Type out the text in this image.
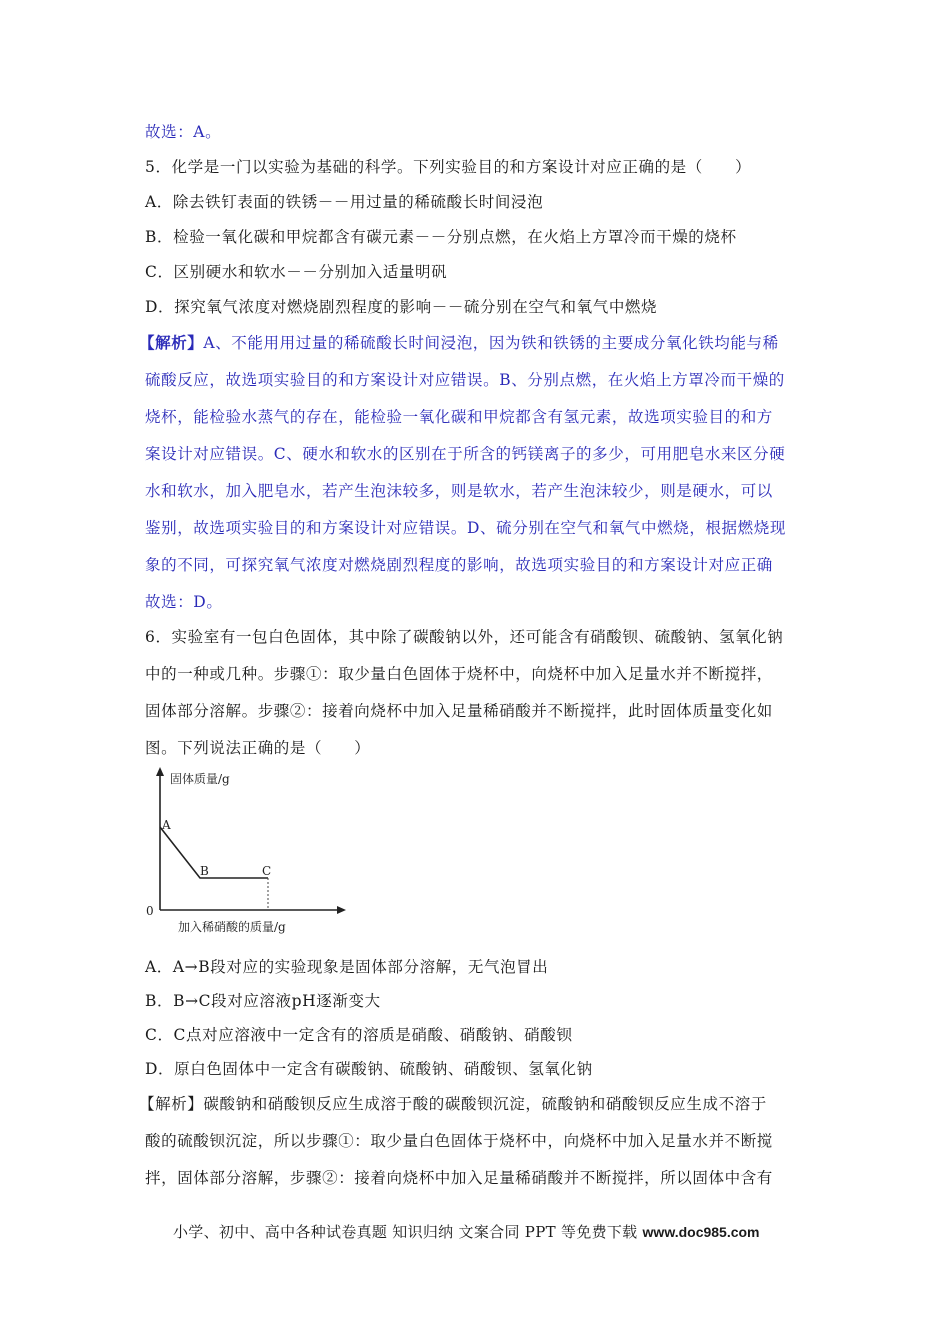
故选：A。
5．化学是一门以实验为基础的科学。下列实验目的和方案设计对应正确的是（　　）
A．除去铁钉表面的铁锈－－用过量的稀硫酸长时间浸泡
B．检验一氧化碳和甲烷都含有碳元素－－分别点燃，在火焰上方罩冷而干燥的烧杯
C．区别硬水和软水－－分别加入适量明矾
D．探究氧气浓度对燃烧剧烈程度的影响－－硫分别在空气和氧气中燃烧
【解析】A、不能用用过量的稀硫酸长时间浸泡，因为铁和铁锈的主要成分氧化铁均能与稀
硫酸反应，故选项实验目的和方案设计对应错误。B、分别点燃，在火焰上方罩冷而干燥的
烧杯，能检验水蒸气的存在，能检验一氧化碳和甲烷都含有氢元素，故选项实验目的和方
案设计对应错误。C、硬水和软水的区别在于所含的钙镁离子的多少，可用肥皂水来区分硬
水和软水，加入肥皂水，若产生泡沫较多，则是软水，若产生泡沫较少，则是硬水，可以
鉴别，故选项实验目的和方案设计对应错误。D、硫分别在空气和氧气中燃烧，根据燃烧现
象的不同，可探究氧气浓度对燃烧剧烈程度的影响，故选项实验目的和方案设计对应正确
故选：D。
6．实验室有一包白色固体，其中除了碳酸钠以外，还可能含有硝酸钡、硫酸钠、氢氧化钠
中的一种或几种。步骤①：取少量白色固体于烧杯中，向烧杯中加入足量水并不断搅拌，
固体部分溶解。步骤②：接着向烧杯中加入足量稀硝酸并不断搅拌，此时固体质量变化如
图。下列说法正确的是（　　）
固体质量/g
A
B	C
0
加入稀硝酸的质量/g
A．A→B段对应的实验现象是固体部分溶解，无气泡冒出
B．B→C段对应溶液pH逐渐变大
C．C点对应溶液中一定含有的溶质是硝酸、硝酸钠、硝酸钡
D．原白色固体中一定含有碳酸钠、硫酸钠、硝酸钡、氢氧化钠
【解析】碳酸钠和硝酸钡反应生成溶于酸的碳酸钡沉淀，硫酸钠和硝酸钡反应生成不溶于
酸的硫酸钡沉淀，所以步骤①：取少量白色固体于烧杯中，向烧杯中加入足量水并不断搅
拌，固体部分溶解，步骤②：接着向烧杯中加入足量稀硝酸并不断搅拌，所以固体中含有
小学、初中、高中各种试卷真题 知识归纳 文案合同 PPT 等免费下载 www.doc985.com
